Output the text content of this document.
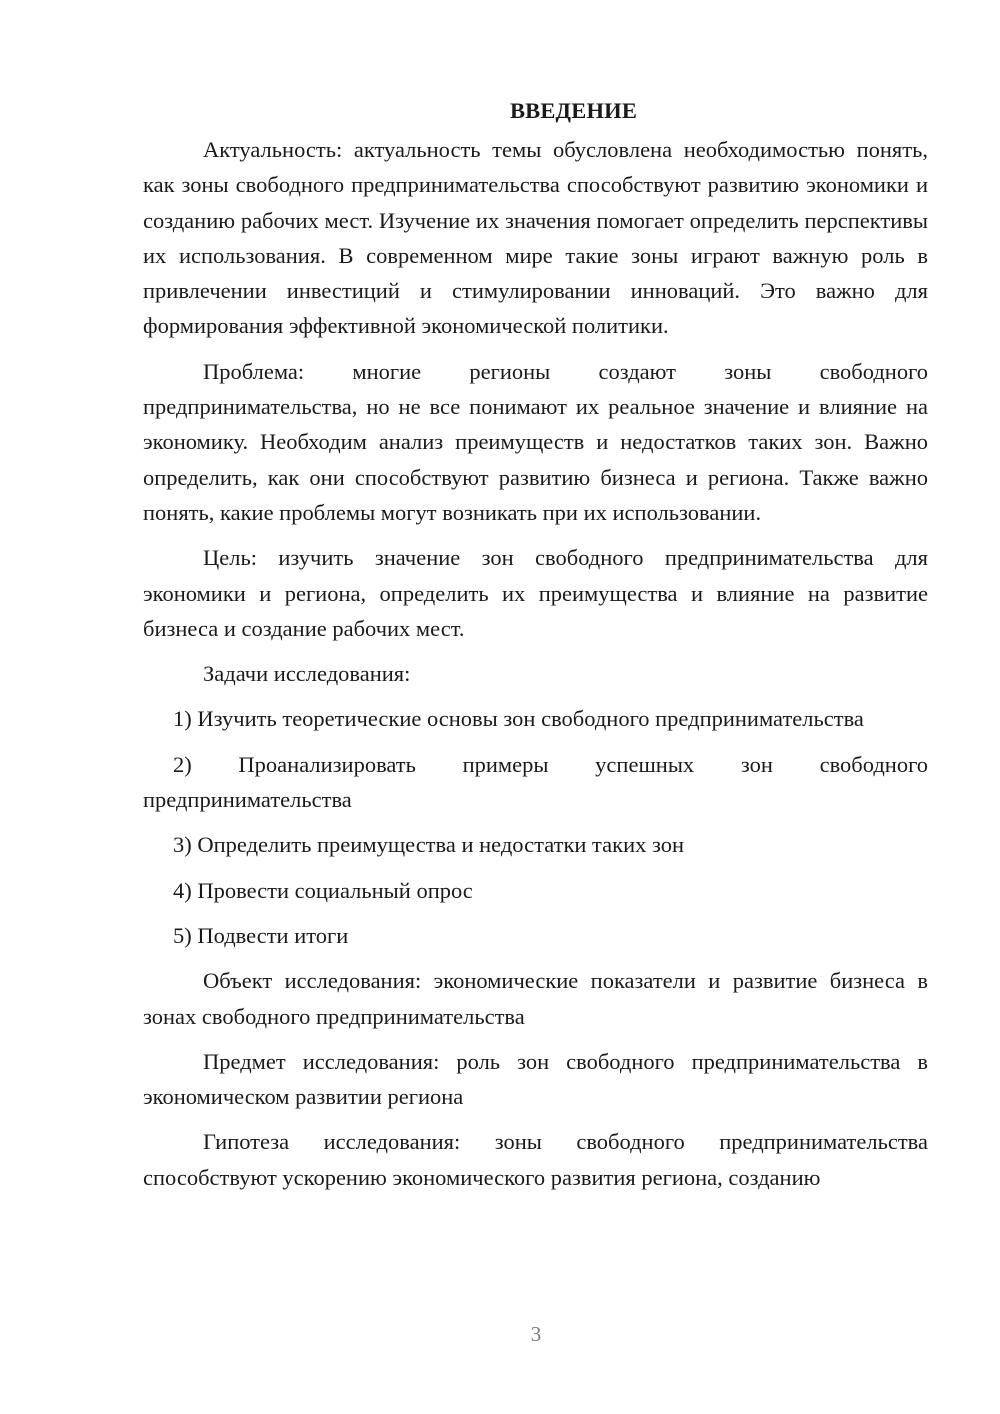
ВВЕДЕНИЕ

Актуальность: актуальность темы обусловлена необходимостью понять, как зоны свободного предпринимательства способствуют развитию экономики и созданию рабочих мест. Изучение их значения помогает определить перспективы их использования. В современном мире такие зоны играют важную роль в привлечении инвестиций и стимулировании инноваций. Это важно для формирования эффективной экономической политики.

Проблема: многие регионы создают зоны свободного предпринимательства, но не все понимают их реальное значение и влияние на экономику. Необходим анализ преимуществ и недостатков таких зон. Важно определить, как они способствуют развитию бизнеса и региона. Также важно понять, какие проблемы могут возникать при их использовании.

Цель: изучить значение зон свободного предпринимательства для экономики и региона, определить их преимущества и влияние на развитие бизнеса и создание рабочих мест.

Задачи исследования:

1) Изучить теоретические основы зон свободного предпринимательства

2) Проанализировать примеры успешных зон свободного предпринимательства

3) Определить преимущества и недостатки таких зон

4) Провести социальный опрос

5) Подвести итоги

Объект исследования: экономические показатели и развитие бизнеса в зонах свободного предпринимательства

Предмет исследования: роль зон свободного предпринимательства в экономическом развитии региона

Гипотеза исследования: зоны свободного предпринимательства способствуют ускорению экономического развития региона, созданию

3
